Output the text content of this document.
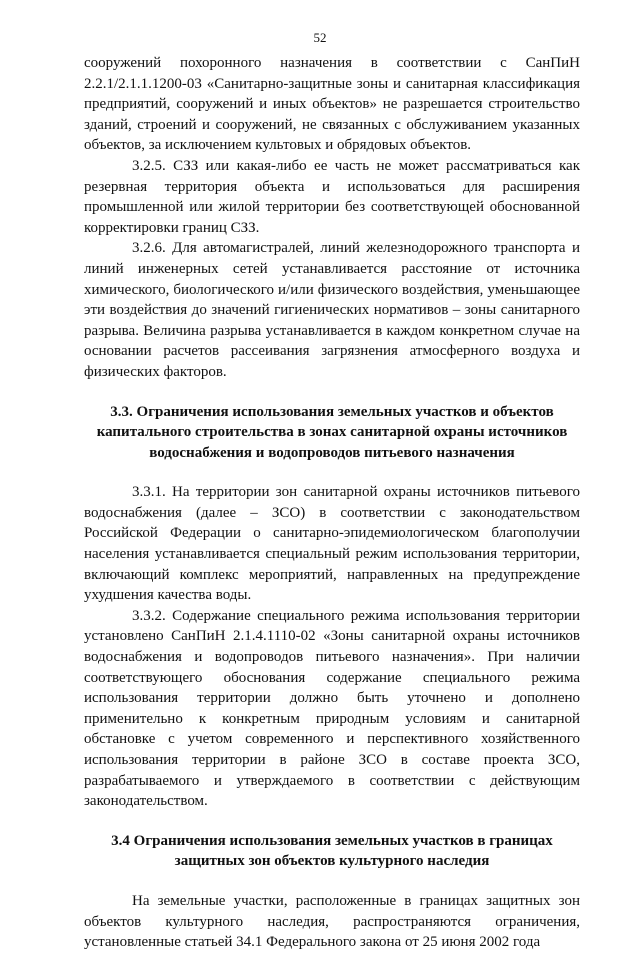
52

сооружений похоронного назначения в соответствии с СанПиН 2.2.1/2.1.1.1200-03 «Санитарно-защитные зоны и санитарная классификация предприятий, сооружений и иных объектов» не разрешается строительство зданий, строений и сооружений, не связанных с обслуживанием указанных объектов, за исключением культовых и обрядовых объектов.

3.2.5. СЗЗ или какая-либо ее часть не может рассматриваться как резервная территория объекта и использоваться для расширения промышленной или жилой территории без соответствующей обоснованной корректировки границ СЗЗ.

3.2.6. Для автомагистралей, линий железнодорожного транспорта и линий инженерных сетей устанавливается расстояние от источника химического, биологического и/или физического воздействия, уменьшающее эти воздействия до значений гигиенических нормативов – зоны санитарного разрыва. Величина разрыва устанавливается в каждом конкретном случае на основании расчетов рассеивания загрязнения атмосферного воздуха и физических факторов.

3.3. Ограничения использования земельных участков и объектов капитального строительства в зонах санитарной охраны источников водоснабжения и водопроводов питьевого назначения

3.3.1. На территории зон санитарной охраны источников питьевого водоснабжения (далее – ЗСО) в соответствии с законодательством Российской Федерации о санитарно-эпидемиологическом благополучии населения устанавливается специальный режим использования территории, включающий комплекс мероприятий, направленных на предупреждение ухудшения качества воды.

3.3.2. Содержание специального режима использования территории установлено СанПиН 2.1.4.1110-02 «Зоны санитарной охраны источников водоснабжения и водопроводов питьевого назначения». При наличии соответствующего обоснования содержание специального режима использования территории должно быть уточнено и дополнено применительно к конкретным природным условиям и санитарной обстановке с учетом современного и перспективного хозяйственного использования территории в районе ЗСО в составе проекта ЗСО, разрабатываемого и утверждаемого в соответствии с действующим законодательством.

3.4 Ограничения использования земельных участков в границах защитных зон объектов культурного наследия

На земельные участки, расположенные в границах защитных зон объектов культурного наследия, распространяются ограничения, установленные статьей 34.1 Федерального закона от 25 июня 2002 года
